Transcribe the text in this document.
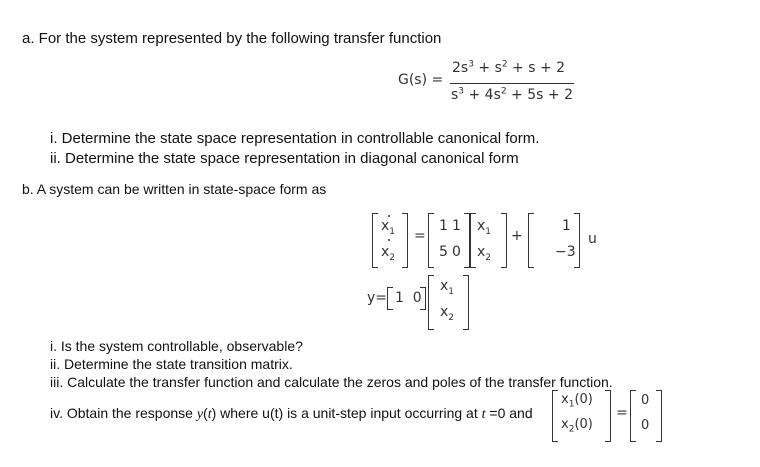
a. For the system represented by the following transfer function
G(s) =
$2s^3 + s^2 + s + 2$
$s^3 + 4s^2 + 5s + 2$
i. Determine the state space representation in controllable canonical form.
ii. Determine the state space representation in diagonal canonical form
b. A system can be written in state-space form as
$x_1$
$x_2$
=
1 1
5 0
$x_1$
$x_2$
+
1
−3
u
y= 1  0
$x_1$
$x_2$
i. Is the system controllable, observable?
ii. Determine the state transition matrix.
iii. Calculate the transfer function and calculate the zeros and poles of the transfer function.
iv. Obtain the response y(t) where u(t) is a unit-step input occurring at t =0 and
$x_1(0)$
$x_2(0)$
=
0
0
